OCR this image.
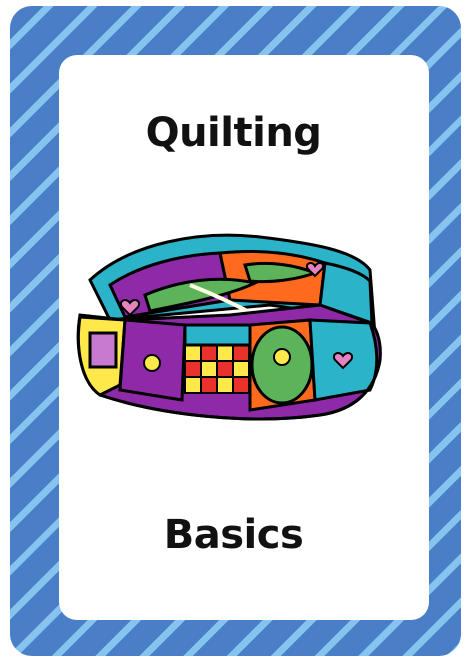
Quilting
Basics
